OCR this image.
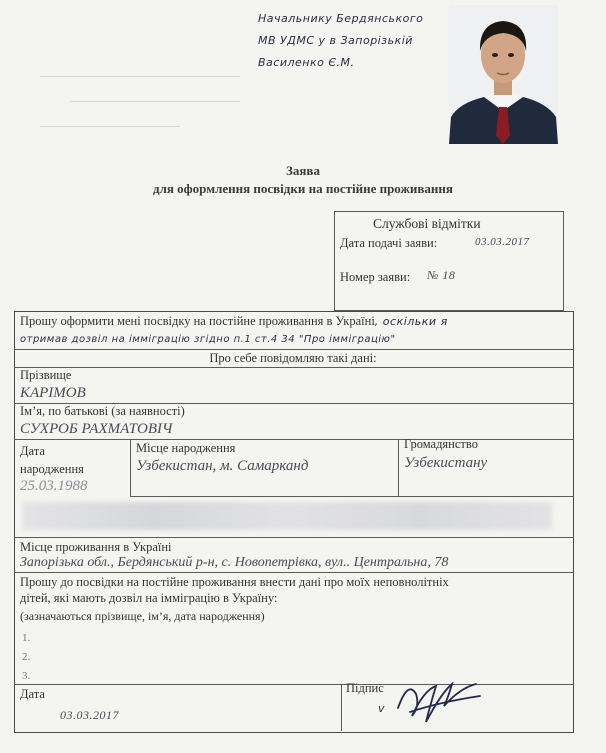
Начальнику Бердянського
МВ УДМС у в Запорізькій
Василенко Є.М.
Заява
для оформлення посвідки на постійне проживання
Службові відмітки
Дата подачі заяви:	03.03.2017
Номер заяви: № 18
Прошу оформити мені посвідку на постійне проживання в Україні, оскільки я
отримав дозвіл на імміграцію згідно п.1 ст.4 34 "Про імміграцію"
Про себе повідомляю такі дані:
Прізвище
КАРІМОВ
Ім’я, по батькові (за наявності)
СУХРОБ РАХМАТОВІЧ
Дата
народження
25.03.1988
Місце народження
Узбекистан, м. Самарканд
Громадянство
Узбекистану
Місце проживання в Україні
Запорізька обл., Бердянський р-н, с. Новопетрівка, вул.. Центральна, 78
Прошу до посвідки на постійне проживання внести дані про моїх неповнолітніх
дітей, які мають дозвіл на імміграцію в Україну:
(зазначаються прізвище, ім’я, дата народження)
1.
2.
3.
Дата
03.03.2017
Підпис
v
